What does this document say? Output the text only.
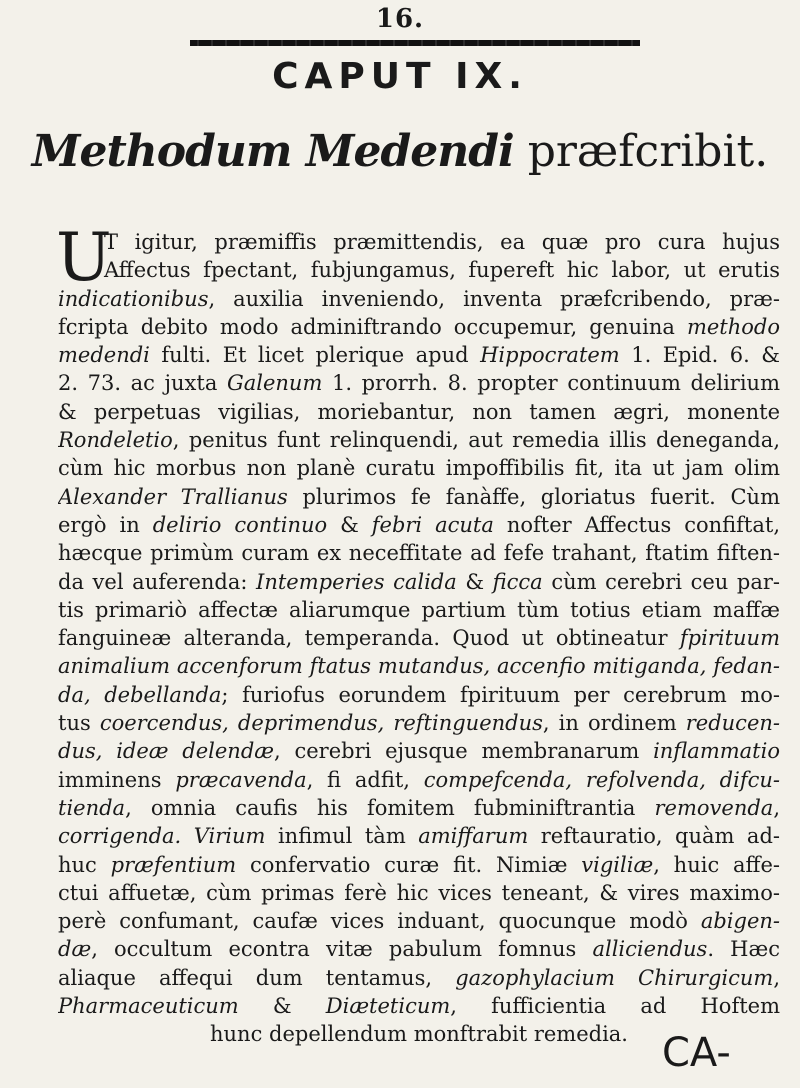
16.
CAPUT IX.
Methodum Medendi præfcribit.
U
T igitur, præmiffis præmittendis, ea quæ pro cura hujus
Affectus fpectant, fubjungamus, fupereft hic labor, ut erutis
indicationibus, auxilia inveniendo, inventa præfcribendo, præ-
fcripta debito modo adminiftrando occupemur, genuina methodo
medendi fulti. Et licet plerique apud Hippocratem 1. Epid. 6. &
2. 73. ac juxta Galenum 1. prorrh. 8. propter continuum delirium
& perpetuas vigilias, moriebantur, non tamen ægri, monente
Rondeletio, penitus funt relinquendi, aut remedia illis deneganda,
cùm hic morbus non planè curatu impoffibilis fit, ita ut jam olim
Alexander Trallianus plurimos fe fanàffe, gloriatus fuerit. Cùm
ergò in delirio continuo & febri acuta nofter Affectus confiftat,
hæcque primùm curam ex neceffitate ad fefe trahant, ftatim fiften-
da vel auferenda: Intemperies calida & ficca cùm cerebri ceu par-
tis primariò affectæ aliarumque partium tùm totius etiam maffæ
fanguineæ alteranda, temperanda. Quod ut obtineatur fpirituum
animalium accenforum ftatus mutandus, accenfio mitiganda, fedan-
da, debellanda; furiofus eorundem fpirituum per cerebrum mo-
tus coercendus, deprimendus, reftinguendus, in ordinem reducen-
dus, ideæ delendæ, cerebri ejusque membranarum inflammatio
imminens præcavenda, fi adfit, compefcenda, refolvenda, difcu-
tienda, omnia caufis his fomitem fubminiftrantia removenda,
corrigenda. Virium infimul tàm amiffarum reftauratio, quàm ad-
huc præfentium confervatio curæ fit. Nimiæ vigiliæ, huic affe-
ctui affuetæ, cùm primas ferè hic vices teneant, & vires maximo-
perè confumant, caufæ vices induant, quocunque modò abigen-
dæ, occultum econtra vitæ pabulum fomnus alliciendus. Hæc
aliaque affequi dum tentamus, gazophylacium Chirurgicum,
Pharmaceuticum & Diæteticum, fufficientia ad Hoftem
hunc depellendum monftrabit remedia. CA-
